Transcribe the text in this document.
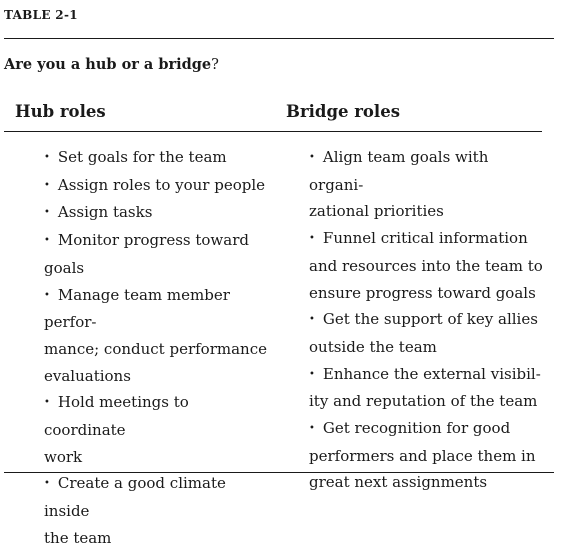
TABLE 2-1
Are you a hub or a bridge?
Hub roles	Bridge roles
• Set goals for the team
• Assign roles to your people
• Assign tasks
• Monitor progress toward
goals
• Manage team member perfor-
mance; conduct performance
evaluations
• Hold meetings to coordinate
work
• Create a good climate inside
the team
• Align team goals with organi-
zational priorities
• Funnel critical information
and resources into the team to
ensure progress toward goals
• Get the support of key allies
outside the team
• Enhance the external visibil-
ity and reputation of the team
• Get recognition for good
performers and place them in
great next assignments
